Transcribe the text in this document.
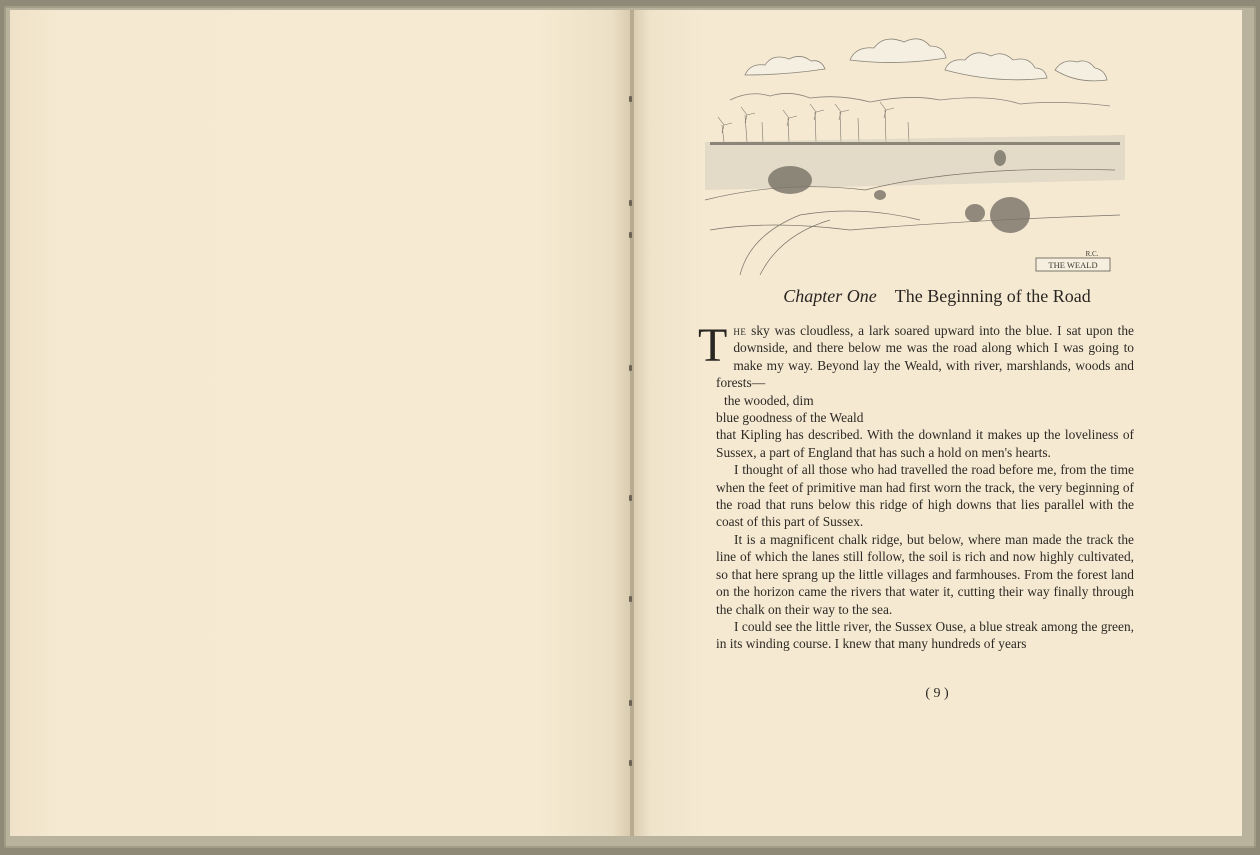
THE WEALD
R.C.
Chapter One The Beginning of the Road

The sky was cloudless, a lark soared upward into the blue. I sat upon the downside, and there below me was the road along which I was going to make my way. Beyond lay the Weald, with river, marshlands, woods and forests—

the wooded, dim

blue goodness of the Weald

that Kipling has described. With the downland it makes up the loveliness of Sussex, a part of England that has such a hold on men's hearts.

I thought of all those who had travelled the road before me, from the time when the feet of primitive man had first worn the track, the very beginning of the road that runs below this ridge of high downs that lies parallel with the coast of this part of Sussex.

It is a magnificent chalk ridge, but below, where man made the track the line of which the lanes still follow, the soil is rich and now highly cultivated, so that here sprang up the little villages and farmhouses. From the forest land on the horizon came the rivers that water it, cutting their way finally through the chalk on their way to the sea.

I could see the little river, the Sussex Ouse, a blue streak among the green, in its winding course. I knew that many hundreds of years

( 9 )
